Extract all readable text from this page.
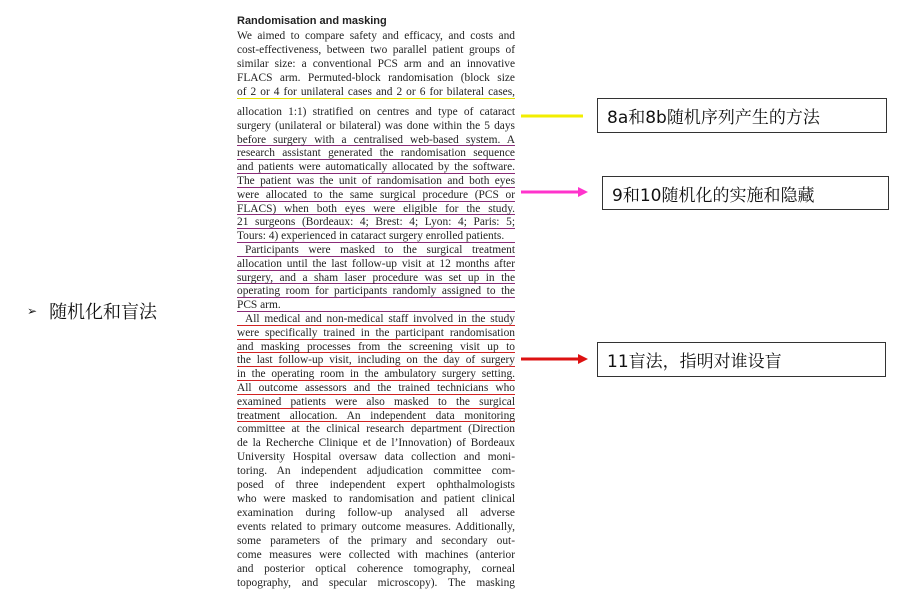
➢ 随机化和盲法
Randomisation and masking
We aimed to compare safety and efficacy, and costs and
cost-effectiveness, between two parallel patient groups of
similar size: a conventional PCS arm and an innovative
FLACS arm. Permuted-block randomisation (block size
of 2 or 4 for unilateral cases and 2 or 6 for bilateral cases,
allocation 1:1) stratified on centres and type of cataract
surgery (unilateral or bilateral) was done within the 5 days
before surgery with a centralised web-based system. A
research assistant generated the randomisation sequence
and patients were automatically allocated by the software.
The patient was the unit of randomisation and both eyes
were allocated to the same surgical procedure (PCS or
FLACS) when both eyes were eligible for the study.
21 surgeons (Bordeaux: 4; Brest: 4; Lyon: 4; Paris: 5;
Tours: 4) experienced in cataract surgery enrolled patients.
Participants were masked to the surgical treatment
allocation until the last follow-up visit at 12 months after
surgery, and a sham laser procedure was set up in the
operating room for participants randomly assigned to the
PCS arm.
All medical and non-medical staff involved in the study
were specifically trained in the participant randomisation
and masking processes from the screening visit up to
the last follow-up visit, including on the day of surgery
in the operating room in the ambulatory surgery setting.
All outcome assessors and the trained technicians who
examined patients were also masked to the surgical
treatment allocation. An independent data monitoring
committee at the clinical research department (Direction
de la Recherche Clinique et de l’Innovation) of Bordeaux
University Hospital oversaw data collection and moni-
toring. An independent adjudication committee com-
posed of three independent expert ophthalmologists
who were masked to randomisation and patient clinical
examination during follow-up analysed all adverse
events related to primary outcome measures. Additionally,
some parameters of the primary and secondary out-
come measures were collected with machines (anterior
and posterior optical coherence tomography, corneal
topography, and specular microscopy). The masking
8a和8b随机序列产生的方法
9和10随机化的实施和隐藏
11盲法，指明对谁设盲
